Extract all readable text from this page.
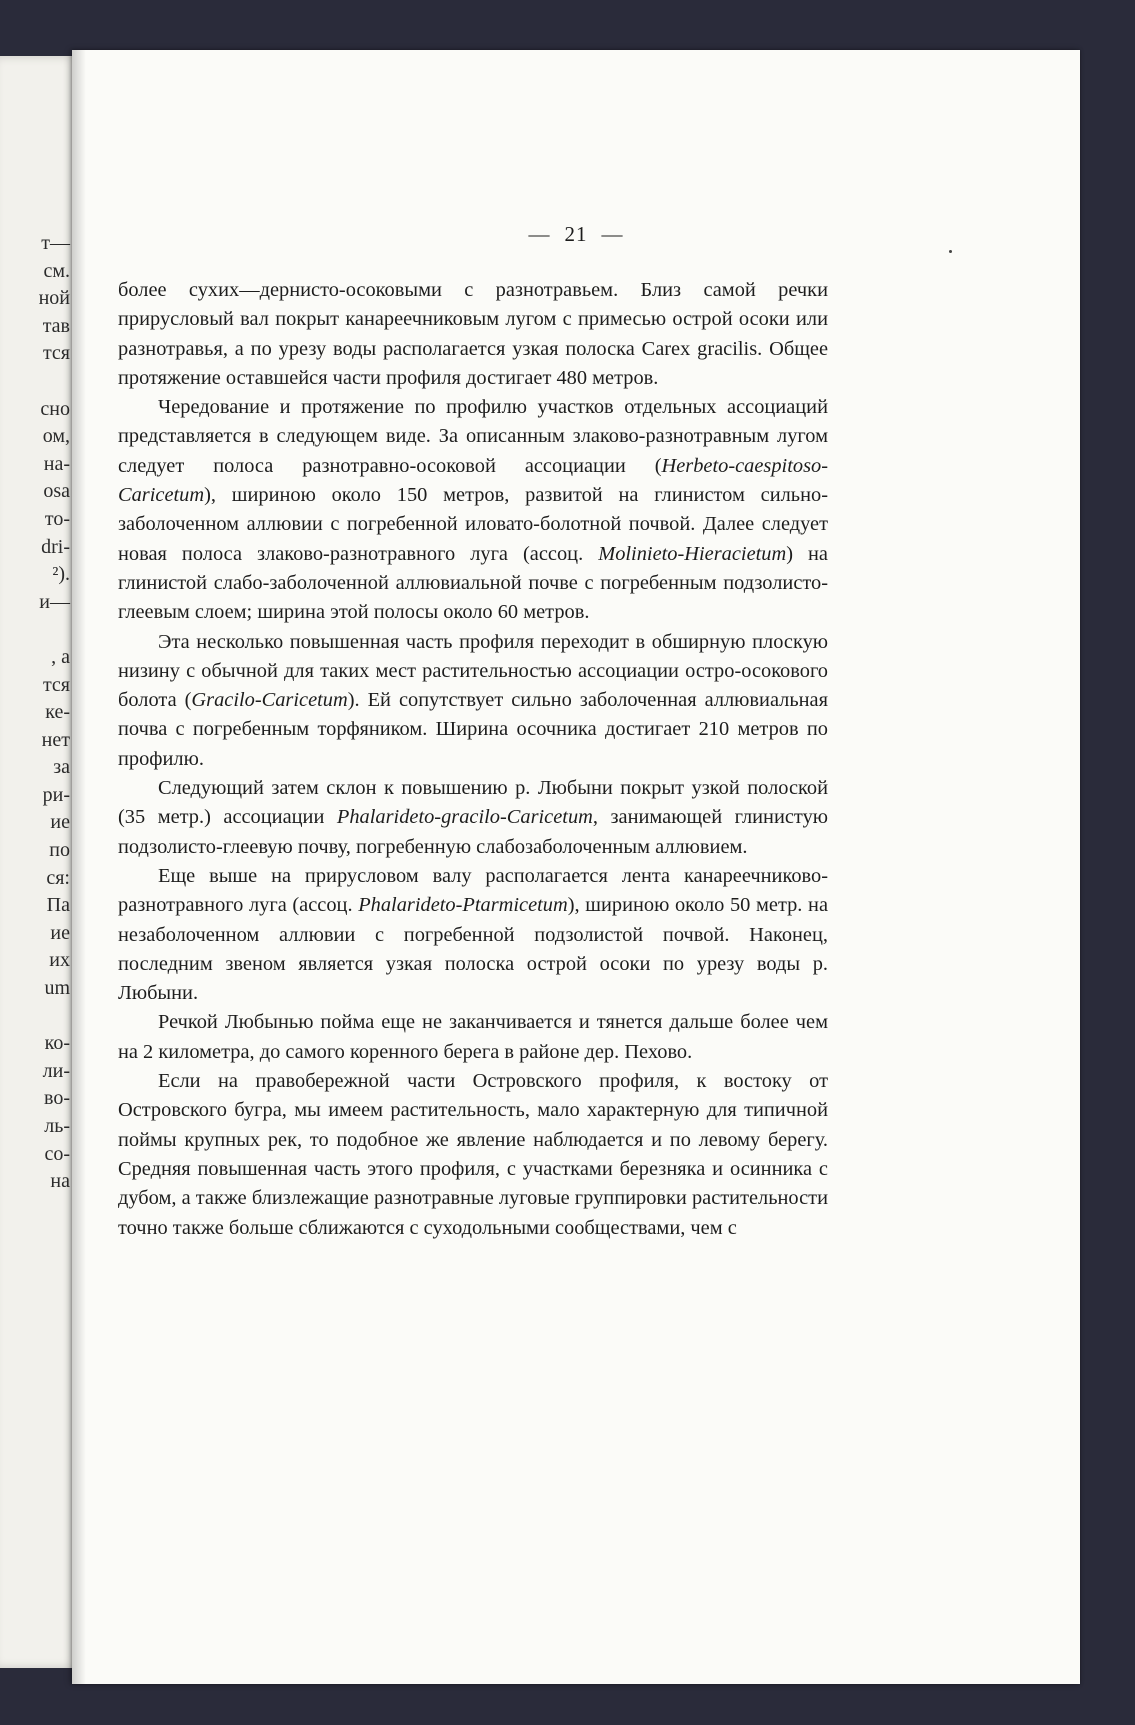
т—
см.
ной
тав
тся
сно
ом,
на-
osa
то-
dri-
²).
и—
, а
тся
ке-
нет
за
ри-
ие
по
ся:
Па
ие
их
um
ко-
ли-
во-
ль-
со-
на
— 21 —

более сухих—дернисто-осоковыми с разнотравьем. Близ самой речки прирусловый вал покрыт канареечниковым лугом с примесью острой осоки или разнотравья, а по урезу воды располагается узкая полоска Carex gracilis. Общее протяжение оставшейся части профиля достигает 480 метров.

Чередование и протяжение по профилю участков отдельных ассоциаций представляется в следующем виде. За описанным злаково-разнотравным лугом следует полоса разнотравно-осоковой ассоциации (Herbeto-caespitoso-Caricetum), шириною около 150 метров, развитой на глинистом сильно-заболоченном аллювии с погребенной иловато-болотной почвой. Далее следует новая полоса злаково-разнотравного луга (ассоц. Molinieto-Hieracietum) на глинистой слабо-заболоченной аллювиальной почве с погребенным подзолисто-глеевым слоем; ширина этой полосы около 60 метров.

Эта несколько повышенная часть профиля переходит в обширную плоскую низину с обычной для таких мест растительностью ассоциации остро-осокового болота (Gracilo-Caricetum). Ей сопутствует сильно заболоченная аллювиальная почва с погребенным торфяником. Ширина осочника достигает 210 метров по профилю.

Следующий затем склон к повышению р. Любыни покрыт узкой полоской (35 метр.) ассоциации Phalarideto-gracilo-Caricetum, занимающей глинистую подзолисто-глеевую почву, погребенную слабозаболоченным аллювием.

Еще выше на прирусловом валу располагается лента канареечниково-разнотравного луга (ассоц. Phalarideto-Ptarmicetum), шириною около 50 метр. на незаболоченном аллювии с погребенной подзолистой почвой. Наконец, последним звеном является узкая полоска острой осоки по урезу воды р. Любыни.

Речкой Любынью пойма еще не заканчивается и тянется дальше более чем на 2 километра, до самого коренного берега в районе дер. Пехово.

Если на правобережной части Островского профиля, к востоку от Островского бугра, мы имеем растительность, мало характерную для типичной поймы крупных рек, то подобное же явление наблюдается и по левому берегу. Средняя повышенная часть этого профиля, с участками березняка и осинника с дубом, а также близлежащие разнотравные луговые группировки растительности точно также больше сближаются с суходольными сообществами, чем с
